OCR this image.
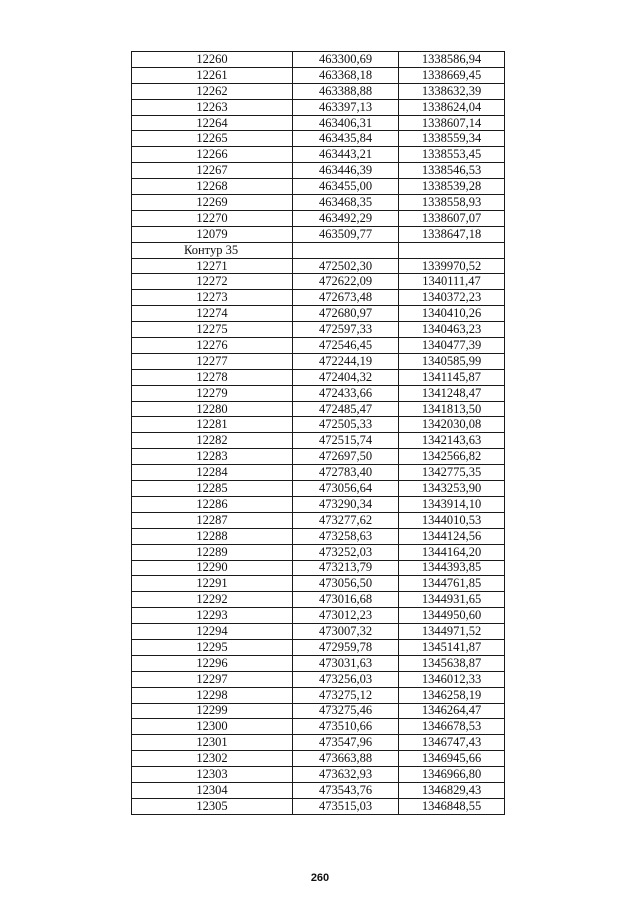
12260	463300,69	1338586,94
12261	463368,18	1338669,45
12262	463388,88	1338632,39
12263	463397,13	1338624,04
12264	463406,31	1338607,14
12265	463435,84	1338559,34
12266	463443,21	1338553,45
12267	463446,39	1338546,53
12268	463455,00	1338539,28
12269	463468,35	1338558,93
12270	463492,29	1338607,07
12079	463509,77	1338647,18
Контур 35		
12271	472502,30	1339970,52
12272	472622,09	1340111,47
12273	472673,48	1340372,23
12274	472680,97	1340410,26
12275	472597,33	1340463,23
12276	472546,45	1340477,39
12277	472244,19	1340585,99
12278	472404,32	1341145,87
12279	472433,66	1341248,47
12280	472485,47	1341813,50
12281	472505,33	1342030,08
12282	472515,74	1342143,63
12283	472697,50	1342566,82
12284	472783,40	1342775,35
12285	473056,64	1343253,90
12286	473290,34	1343914,10
12287	473277,62	1344010,53
12288	473258,63	1344124,56
12289	473252,03	1344164,20
12290	473213,79	1344393,85
12291	473056,50	1344761,85
12292	473016,68	1344931,65
12293	473012,23	1344950,60
12294	473007,32	1344971,52
12295	472959,78	1345141,87
12296	473031,63	1345638,87
12297	473256,03	1346012,33
12298	473275,12	1346258,19
12299	473275,46	1346264,47
12300	473510,66	1346678,53
12301	473547,96	1346747,43
12302	473663,88	1346945,66
12303	473632,93	1346966,80
12304	473543,76	1346829,43
12305	473515,03	1346848,55
260
